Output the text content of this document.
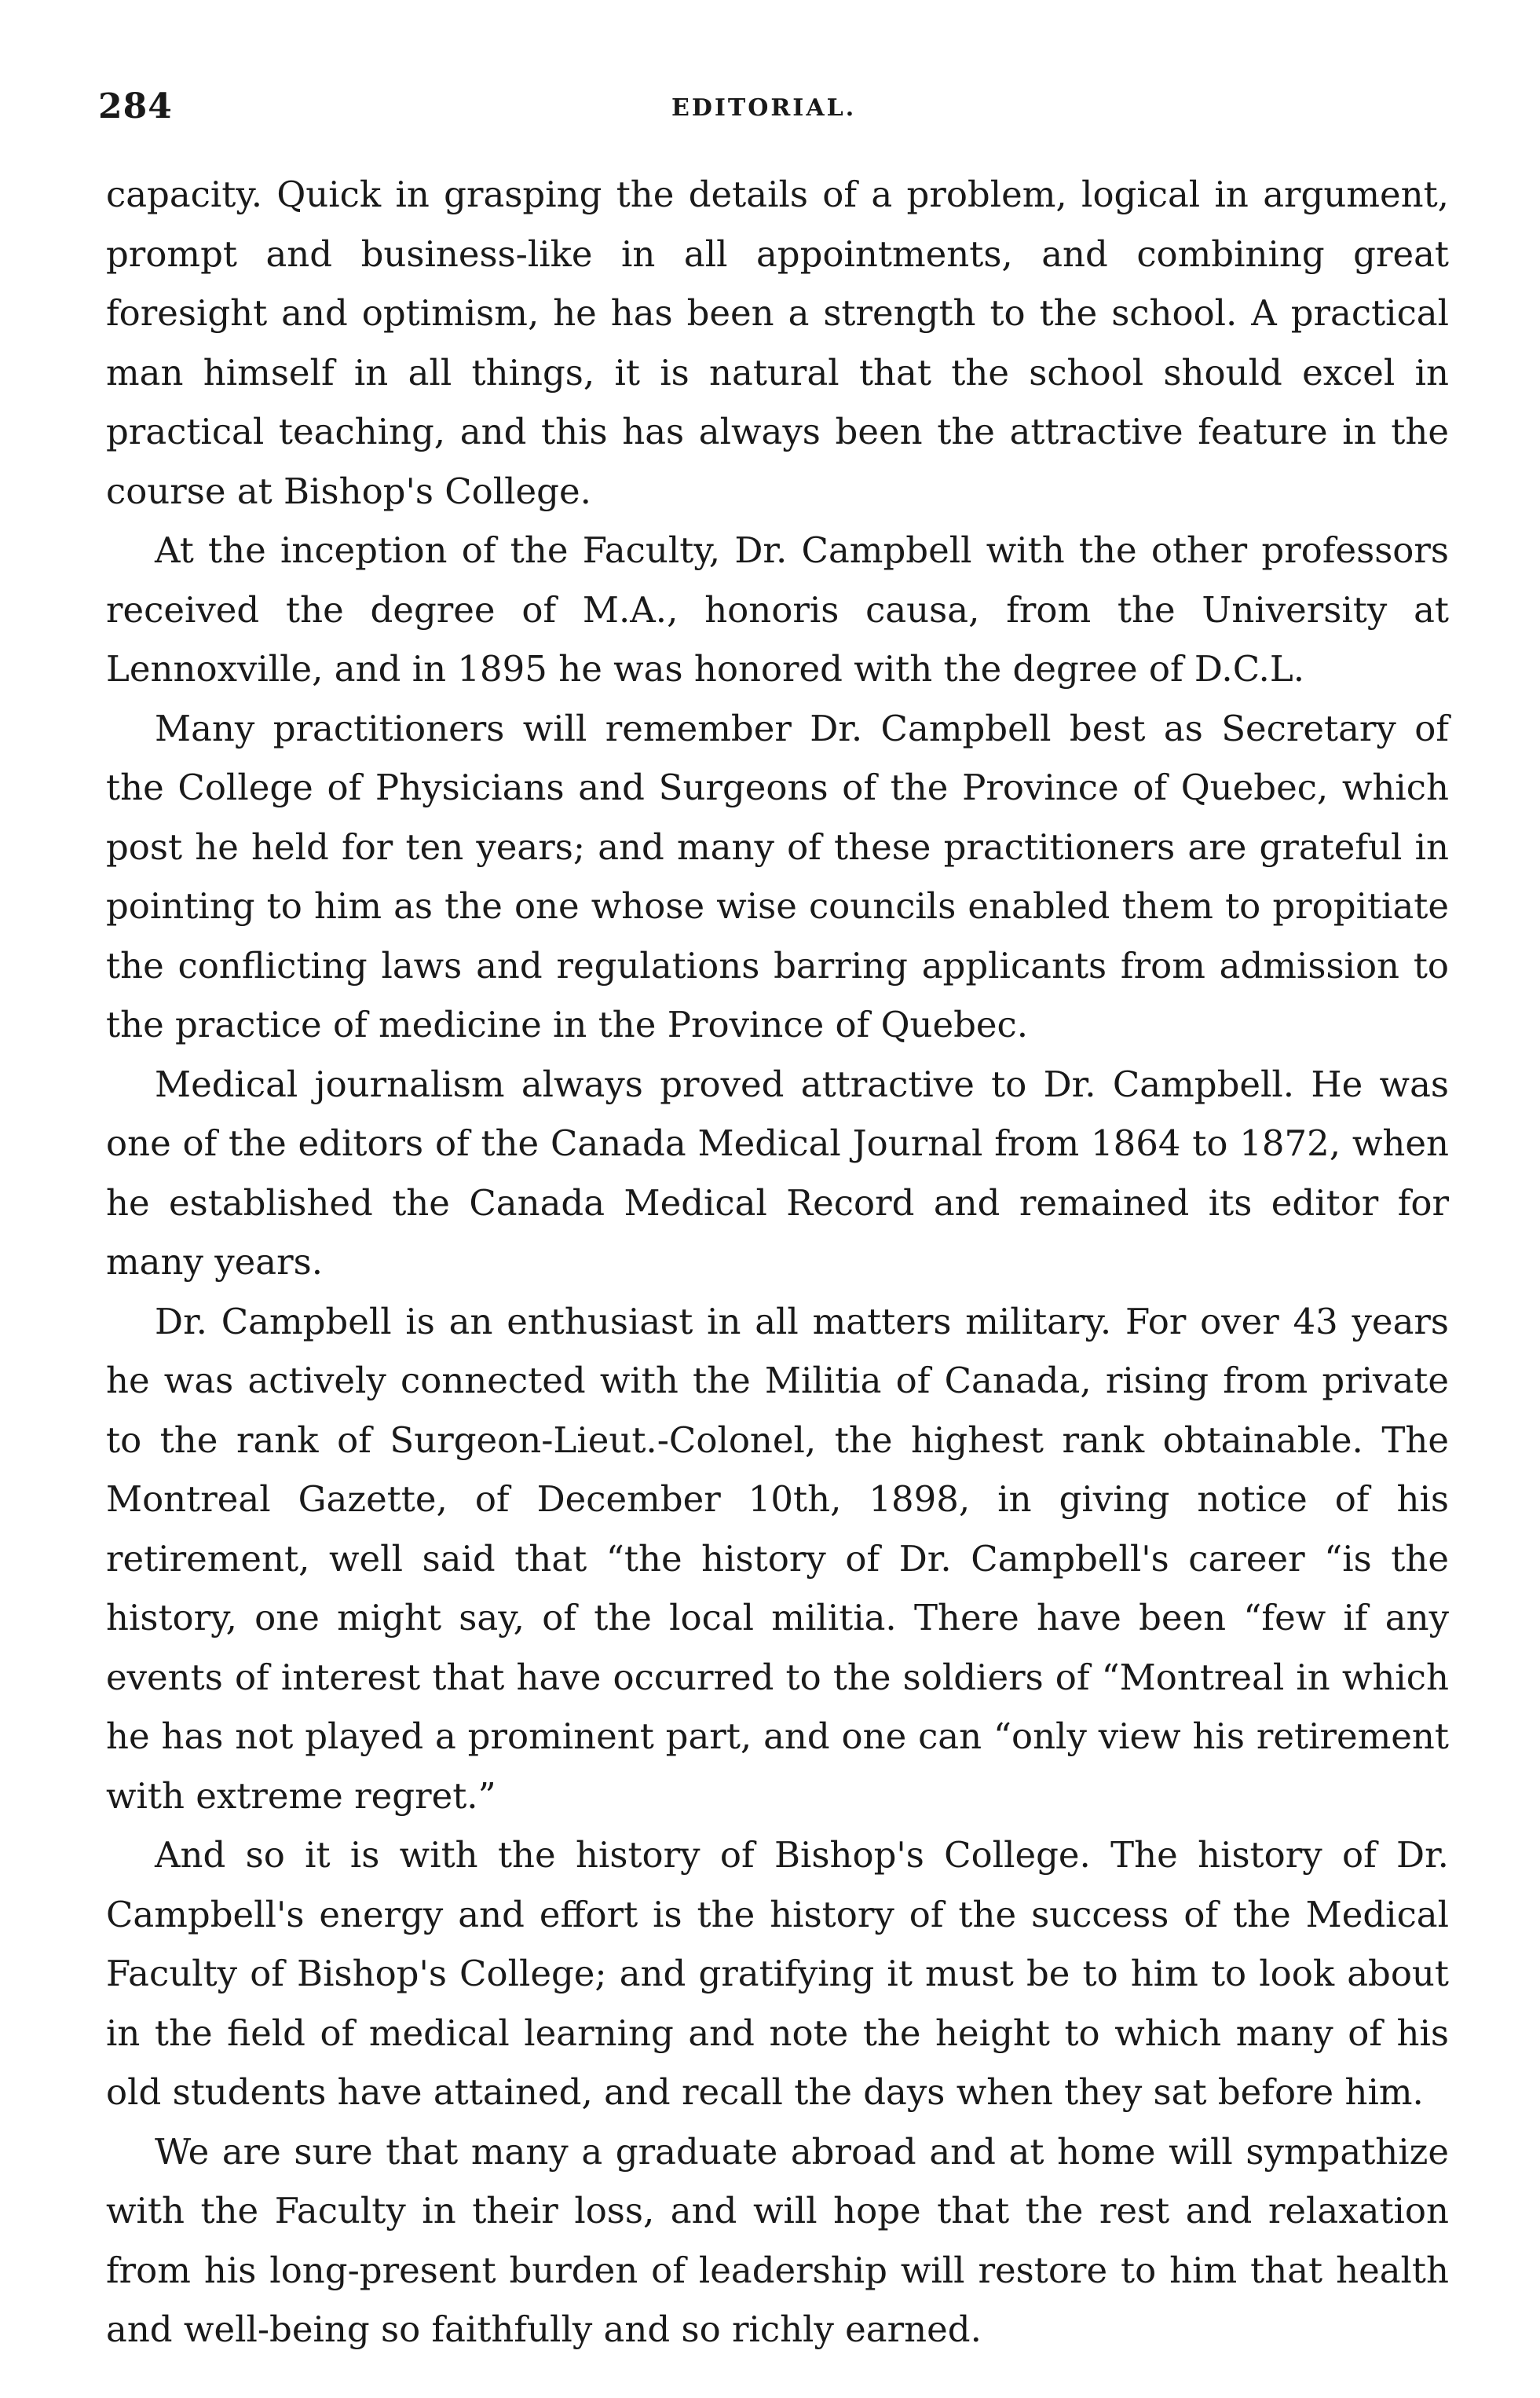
284	EDITORIAL.

capacity. Quick in grasping the details of a problem, logical in argument, prompt and business-like in all appointments, and combining great foresight and optimism, he has been a strength to the school. A practical man himself in all things, it is natural that the school should excel in practical teaching, and this has always been the attractive feature in the course at Bishop's College.

At the inception of the Faculty, Dr. Campbell with the other professors received the degree of M.A., honoris causa, from the University at Lennoxville, and in 1895 he was honored with the degree of D.C.L.

Many practitioners will remember Dr. Campbell best as Secretary of the College of Physicians and Surgeons of the Province of Quebec, which post he held for ten years; and many of these practitioners are grateful in pointing to him as the one whose wise councils enabled them to propitiate the conflicting laws and regulations barring applicants from admission to the practice of medicine in the Province of Quebec.

Medical journalism always proved attractive to Dr. Campbell. He was one of the editors of the Canada Medical Journal from 1864 to 1872, when he established the Canada Medical Record and remained its editor for many years.

Dr. Campbell is an enthusiast in all matters military. For over 43 years he was actively connected with the Militia of Canada, rising from private to the rank of Surgeon-Lieut.-Colonel, the highest rank obtainable. The Montreal Gazette, of December 10th, 1898, in giving notice of his retirement, well said that “the history of Dr. Campbell's career “is the history, one might say, of the local militia. There have been “few if any events of interest that have occurred to the soldiers of “Montreal in which he has not played a prominent part, and one can “only view his retirement with extreme regret.”

And so it is with the history of Bishop's College. The history of Dr. Campbell's energy and effort is the history of the success of the Medical Faculty of Bishop's College; and gratifying it must be to him to look about in the field of medical learning and note the height to which many of his old students have attained, and recall the days when they sat before him.

We are sure that many a graduate abroad and at home will sympathize with the Faculty in their loss, and will hope that the rest and relaxation from his long-present burden of leadership will restore to him that health and well-being so faithfully and so richly earned.
